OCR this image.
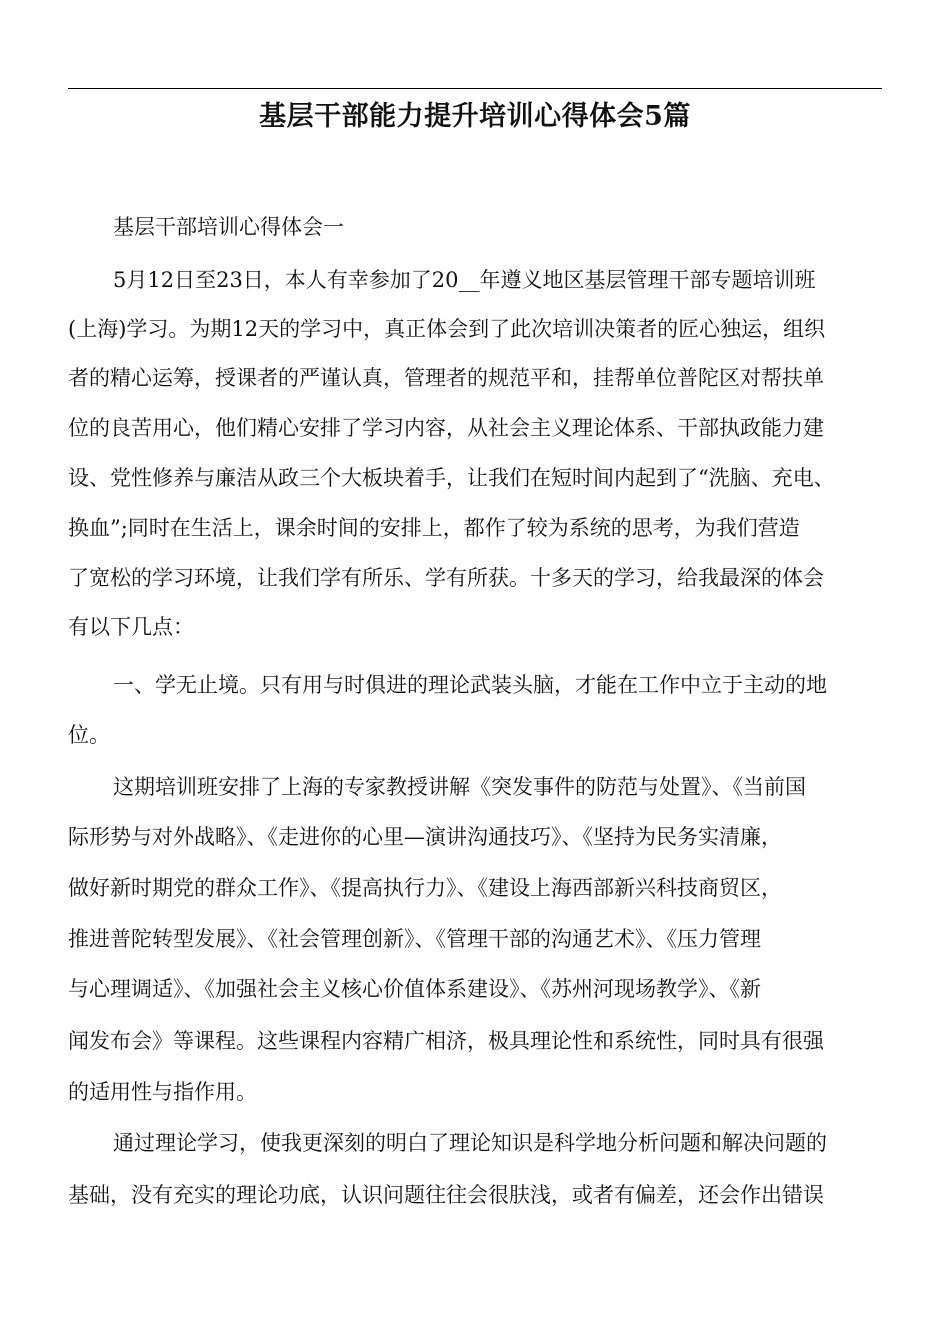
基层干部能力提升培训心得体会5篇

基层干部培训心得体会一

5月12日至23日，本人有幸参加了20__年遵义地区基层管理干部专题培训班

(上海)学习。为期12天的学习中，真正体会到了此次培训决策者的匠心独运，组织

者的精心运筹，授课者的严谨认真，管理者的规范平和，挂帮单位普陀区对帮扶单

位的良苦用心，他们精心安排了学习内容，从社会主义理论体系、干部执政能力建

设、党性修养与廉洁从政三个大板块着手，让我们在短时间内起到了“洗脑、充电、

换血”;同时在生活上，课余时间的安排上，都作了较为系统的思考，为我们营造

了宽松的学习环境，让我们学有所乐、学有所获。十多天的学习，给我最深的体会

有以下几点：

一、学无止境。只有用与时俱进的理论武装头脑，才能在工作中立于主动的地

位。

这期培训班安排了上海的专家教授讲解《突发事件的防范与处置》、《当前国

际形势与对外战略》、《走进你的心里—演讲沟通技巧》、《坚持为民务实清廉，

做好新时期党的群众工作》、《提高执行力》、《建设上海西部新兴科技商贸区，

推进普陀转型发展》、《社会管理创新》、《管理干部的沟通艺术》、《压力管理

与心理调适》、《加强社会主义核心价值体系建设》、《苏州河现场教学》、《新

闻发布会》等课程。这些课程内容精广相济，极具理论性和系统性，同时具有很强

的适用性与指作用。

通过理论学习，使我更深刻的明白了理论知识是科学地分析问题和解决问题的

基础，没有充实的理论功底，认识问题往往会很肤浅，或者有偏差，还会作出错误
